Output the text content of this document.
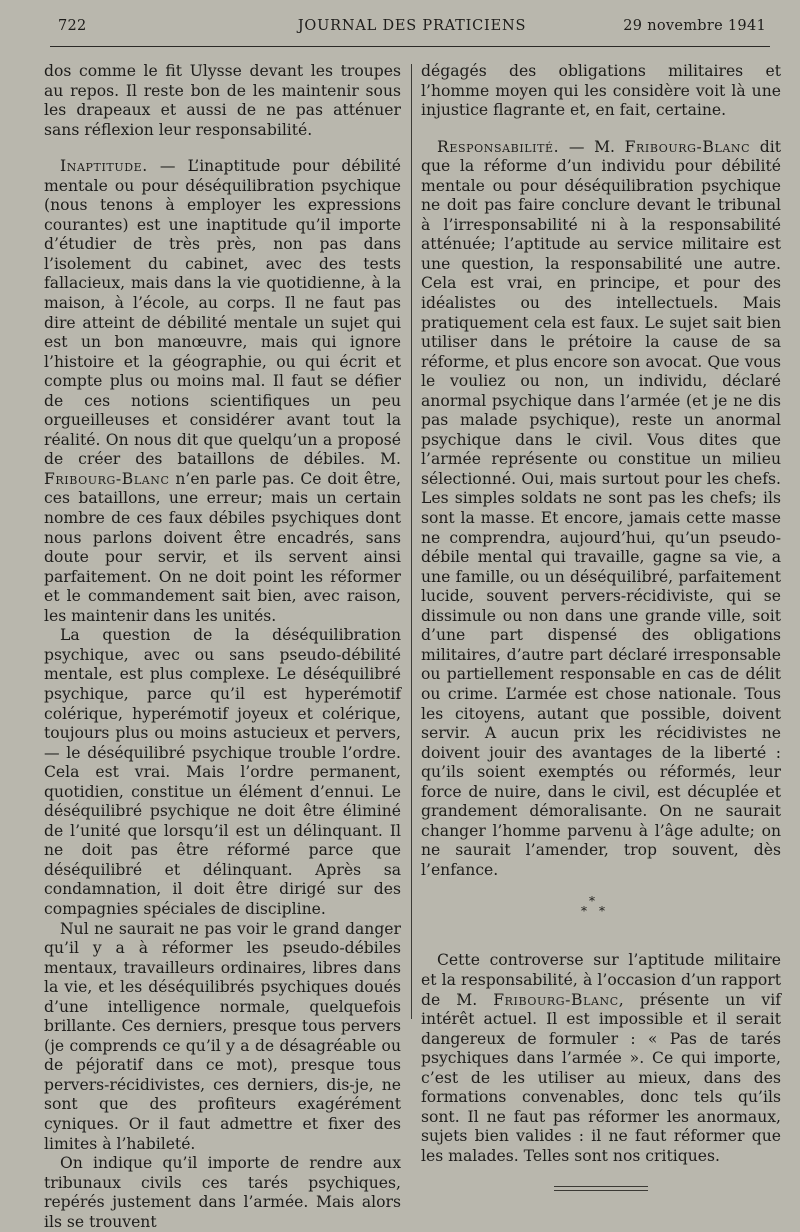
722	JOURNAL DES PRATICIENS	29 novembre 1941

dos comme le fit Ulysse devant les troupes au repos. Il reste bon de les maintenir sous les drapeaux et aussi de ne pas atténuer sans réflexion leur responsabilité.

Inaptitude. — L’inaptitude pour débilité mentale ou pour déséquilibration psychique (nous tenons à employer les expressions courantes) est une inaptitude qu’il importe d’étudier de très près, non pas dans l’isolement du cabinet, avec des tests fallacieux, mais dans la vie quotidienne, à la maison, à l’école, au corps. Il ne faut pas dire atteint de débilité mentale un sujet qui est un bon manœuvre, mais qui ignore l’histoire et la géographie, ou qui écrit et compte plus ou moins mal. Il faut se défier de ces notions scientifiques un peu orgueilleuses et considérer avant tout la réalité. On nous dit que quelqu’un a proposé de créer des bataillons de débiles. M. Fribourg-Blanc n’en parle pas. Ce doit être, ces bataillons, une erreur; mais un certain nombre de ces faux débiles psychiques dont nous parlons doivent être encadrés, sans doute pour servir, et ils servent ainsi parfaitement. On ne doit point les réformer et le commandement sait bien, avec raison, les maintenir dans les unités.

La question de la déséquilibration psychique, avec ou sans pseudo-débilité mentale, est plus complexe. Le déséquilibré psychique, parce qu’il est hyperémotif colérique, hyperémotif joyeux et colérique, toujours plus ou moins astucieux et pervers, — le déséquilibré psychique trouble l’ordre. Cela est vrai. Mais l’ordre permanent, quotidien, constitue un élément d’ennui. Le déséquilibré psychique ne doit être éliminé de l’unité que lorsqu’il est un délinquant. Il ne doit pas être réformé parce que déséquilibré et délinquant. Après sa condamnation, il doit être dirigé sur des compagnies spéciales de discipline.

Nul ne saurait ne pas voir le grand danger qu’il y a à réformer les pseudo-débiles mentaux, travailleurs ordinaires, libres dans la vie, et les déséquilibrés psychiques doués d’une intelligence normale, quelquefois brillante. Ces derniers, presque tous pervers (je comprends ce qu’il y a de désagréable ou de péjoratif dans ce mot), presque tous pervers-récidivistes, ces derniers, dis-je, ne sont que des profiteurs exagérément cyniques. Or il faut admettre et fixer des limites à l’habileté.

On indique qu’il importe de rendre aux tribunaux civils ces tarés psychiques, repérés justement dans l’armée. Mais alors ils se trouvent

dégagés des obligations militaires et l’homme moyen qui les considère voit là une injustice flagrante et, en fait, certaine.

Responsabilité. — M. Fribourg-Blanc dit que la réforme d’un individu pour débilité mentale ou pour déséquilibration psychique ne doit pas faire conclure devant le tribunal à l’irresponsabilité ni à la responsabilité atténuée; l’aptitude au service militaire est une question, la responsabilité une autre. Cela est vrai, en principe, et pour des idéalistes ou des intellectuels. Mais pratiquement cela est faux. Le sujet sait bien utiliser dans le prétoire la cause de sa réforme, et plus encore son avocat. Que vous le vouliez ou non, un individu, déclaré anormal psychique dans l’armée (et je ne dis pas malade psychique), reste un anormal psychique dans le civil. Vous dites que l’armée représente ou constitue un milieu sélectionné. Oui, mais surtout pour les chefs. Les simples soldats ne sont pas les chefs; ils sont la masse. Et encore, jamais cette masse ne comprendra, aujourd’hui, qu’un pseudo-débile mental qui travaille, gagne sa vie, a une famille, ou un déséquilibré, parfaitement lucide, souvent pervers-récidiviste, qui se dissimule ou non dans une grande ville, soit d’une part dispensé des obligations militaires, d’autre part déclaré irresponsable ou partiellement responsable en cas de délit ou crime. L’armée est chose nationale. Tous les citoyens, autant que possible, doivent servir. A aucun prix les récidivistes ne doivent jouir des avantages de la liberté : qu’ils soient exemptés ou réformés, leur force de nuire, dans le civil, est décuplée et grandement démoralisante. On ne saurait changer l’homme parvenu à l’âge adulte; on ne saurait l’amender, trop souvent, dès l’enfance.

*
* *

Cette controverse sur l’aptitude militaire et la responsabilité, à l’occasion d’un rapport de M. Fribourg-Blanc, présente un vif intérêt actuel. Il est impossible et il serait dangereux de formuler : « Pas de tarés psychiques dans l’armée ». Ce qui importe, c’est de les utiliser au mieux, dans des formations convenables, donc tels qu’ils sont. Il ne faut pas réformer les anormaux, sujets bien valides : il ne faut réformer que les malades. Telles sont nos critiques.
